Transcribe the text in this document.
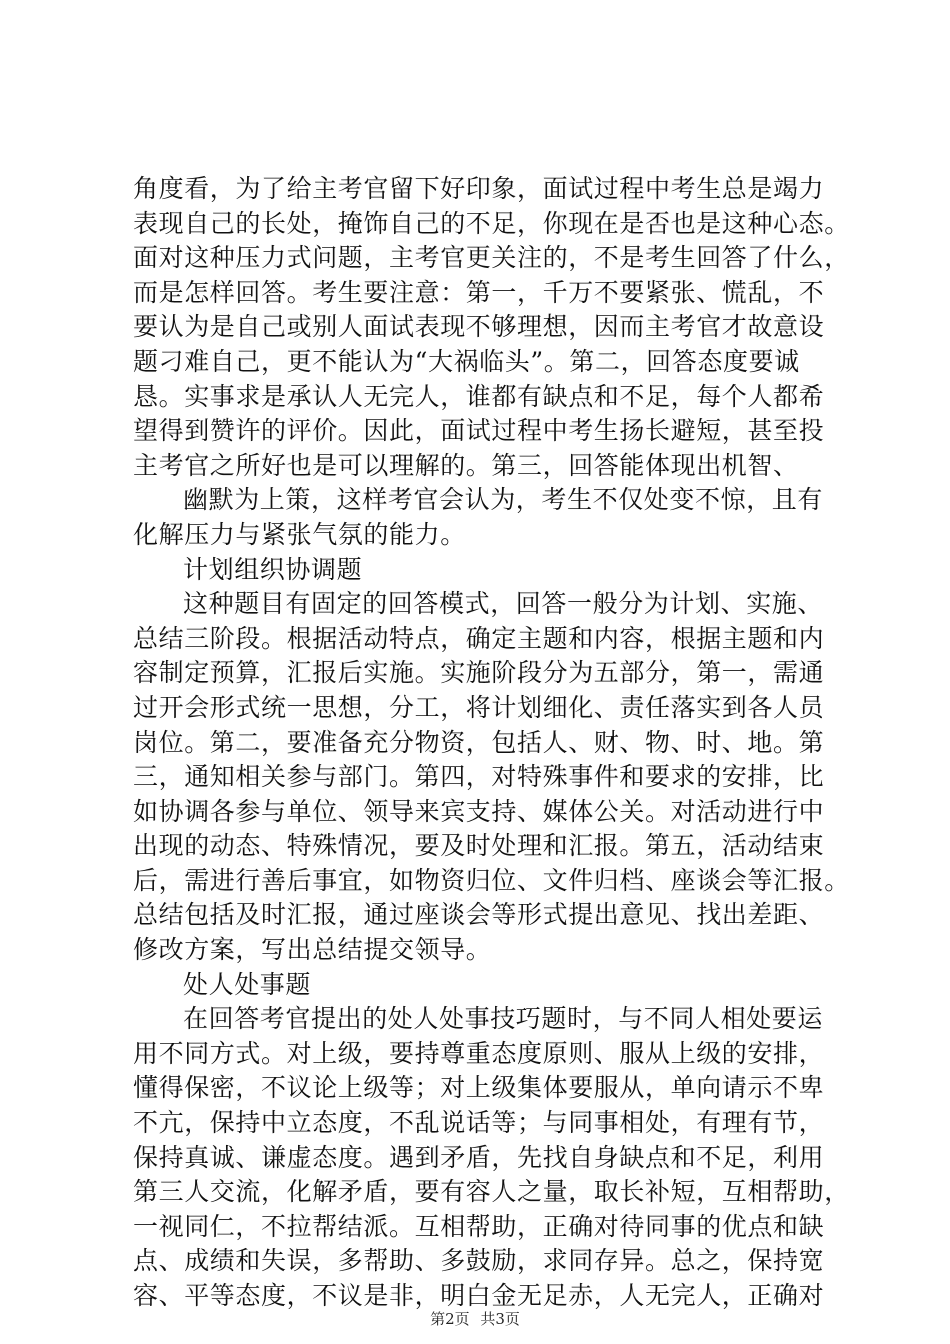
角度看，为了给主考官留下好印象，面试过程中考生总是竭力
表现自己的长处，掩饰自己的不足，你现在是否也是这种心态。
面对这种压力式问题，主考官更关注的，不是考生回答了什么，
而是怎样回答。考生要注意：第一，千万不要紧张、慌乱，不
要认为是自己或别人面试表现不够理想，因而主考官才故意设
题刁难自己，更不能认为“大祸临头”。第二，回答态度要诚
恳。实事求是承认人无完人，谁都有缺点和不足，每个人都希
望得到赞许的评价。因此，面试过程中考生扬长避短，甚至投
主考官之所好也是可以理解的。第三，回答能体现出机智、
幽默为上策，这样考官会认为，考生不仅处变不惊，且有
化解压力与紧张气氛的能力。
计划组织协调题
这种题目有固定的回答模式，回答一般分为计划、实施、
总结三阶段。根据活动特点，确定主题和内容，根据主题和内
容制定预算，汇报后实施。实施阶段分为五部分，第一，需通
过开会形式统一思想，分工，将计划细化、责任落实到各人员
岗位。第二，要准备充分物资，包括人、财、物、时、地。第
三，通知相关参与部门。第四，对特殊事件和要求的安排，比
如协调各参与单位、领导来宾支持、媒体公关。对活动进行中
出现的动态、特殊情况，要及时处理和汇报。第五，活动结束
后，需进行善后事宜，如物资归位、文件归档、座谈会等汇报。
总结包括及时汇报，通过座谈会等形式提出意见、找出差距、
修改方案，写出总结提交领导。
处人处事题
在回答考官提出的处人处事技巧题时，与不同人相处要运
用不同方式。对上级，要持尊重态度原则、服从上级的安排，
懂得保密，不议论上级等；对上级集体要服从，单向请示不卑
不亢，保持中立态度，不乱说话等；与同事相处，有理有节，
保持真诚、谦虚态度。遇到矛盾，先找自身缺点和不足，利用
第三人交流，化解矛盾，要有容人之量，取长补短，互相帮助，
一视同仁，不拉帮结派。互相帮助，正确对待同事的优点和缺
点、成绩和失误，多帮助、多鼓励，求同存异。总之，保持宽
容、平等态度，不议是非，明白金无足赤，人无完人，正确对
第2页 共3页
